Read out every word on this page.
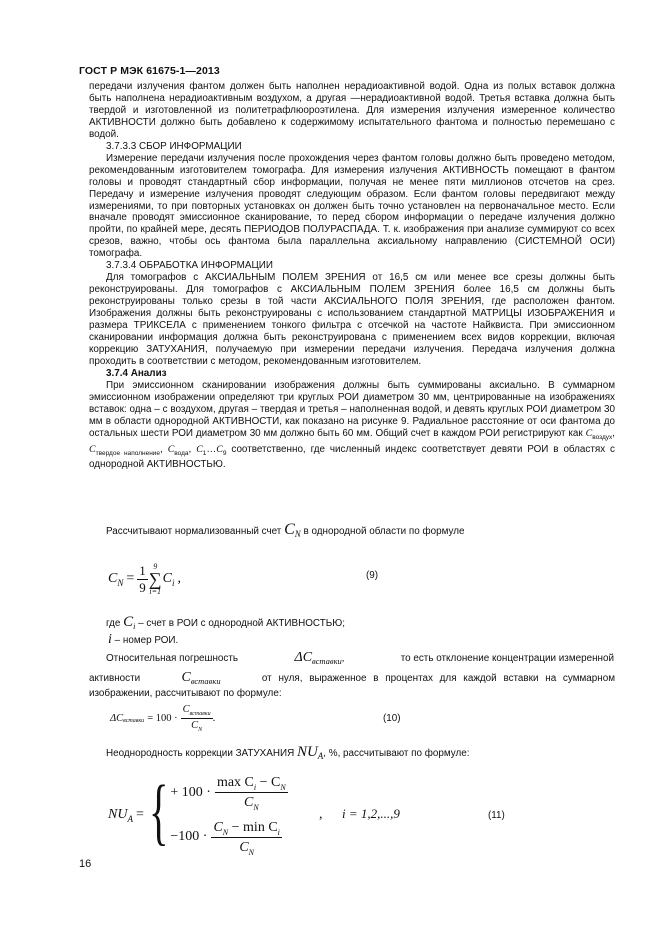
ГОСТ Р МЭК 61675-1—2013

передачи излучения фантом должен быть наполнен нерадиоактивной водой. Одна из полых вставок должна быть наполнена нерадиоактивным воздухом, а другая —нерадиоактивной водой. Третья вставка должна быть твердой и изготовленной из политетрафлюороэтилена. Для измерения излучения измеренное количество АКТИВНОСТИ должно быть добавлено к содержимому испытательного фантома и полностью перемешано с водой.

3.7.3.3 СБОР ИНФОРМАЦИИ

Измерение передачи излучения после прохождения через фантом головы должно быть проведено методом, рекомендованным изготовителем томографа. Для измерения излучения АКТИВНОСТЬ помещают в фантом головы и проводят стандартный сбор информации, получая не менее пяти миллионов отсчетов на срез. Передачу и измерение излучения проводят следующим образом. Если фантом головы передвигают между измерениями, то при повторных установках он должен быть точно установлен на первоначальное место. Если вначале проводят эмиссионное сканирование, то перед сбором информации о передаче излучения должно пройти, по крайней мере, десять ПЕРИОДОВ ПОЛУРАСПАДА. Т. к. изображения при анализе суммируют со всех срезов, важно, чтобы ось фантома была параллельна аксиальному направлению (СИСТЕМНОЙ ОСИ) томографа.

3.7.3.4 ОБРАБОТКА ИНФОРМАЦИИ

Для томографов с АКСИАЛЬНЫМ ПОЛЕМ ЗРЕНИЯ от 16,5 см или менее все срезы должны быть реконструированы. Для томографов с АКСИАЛЬНЫМ ПОЛЕМ ЗРЕНИЯ более 16,5 см должны быть реконструированы только срезы в той части АКСИАЛЬНОГО ПОЛЯ ЗРЕНИЯ, где расположен фантом. Изображения должны быть реконструированы с использованием стандартной МАТРИЦЫ ИЗОБРАЖЕНИЯ и размера ТРИКСЕЛА с применением тонкого фильтра с отсечкой на частоте Найквиста. При эмиссионном сканировании информация должна быть реконструирована с применением всех видов коррекции, включая коррекцию ЗАТУХАНИЯ, получаемую при измерении передачи излучения. Передача излучения должна проходить в соответствии с методом, рекомендованным изготовителем.

3.7.4 Анализ

При эмиссионном сканировании изображения должны быть суммированы аксиально. В суммарном эмиссионном изображении определяют три круглых РОИ диаметром 30 мм, центрированные на изображениях вставок: одна – с воздухом, другая – твердая и третья – наполненная водой, и девять круглых РОИ диаметром 30 мм в области однородной АКТИВНОСТИ, как показано на рисунке 9. Радиальное расстояние от оси фантома до остальных шести РОИ диаметром 30 мм должно быть 60 мм. Общий счет в каждом РОИ регистрируют как $C_{воздух}$, $C_{твердое наполнение}$, $C_{вода}$, $C_1\dots C_9$ соответственно, где численный индекс соответствует девяти РОИ в областях с однородной АКТИВНОСТЬЮ.

Рассчитывают нормализованный счет $C_N$ в однородной области по формуле
$C_N = \frac{1}{9} 9$
∑
i=1
$C_i$ ,	(9)
где $C_i$ – счет в РОИ с однородной АКТИВНОСТЬЮ;
i – номер РОИ.
Относительная погрешность	$\Delta C_{вставки}$,	то есть отклонение концентрации измеренной
активности	$C_{вставки}$	от нуля, выраженное в процентах для каждой вставки на суммарном
изображении, рассчитывают по формуле:
$\Delta C_{вставки} = 100 \cdot \frac{C_{вставки}}{C_N}$ .	(10)
Неоднородность коррекции ЗАТУХАНИЯ $NU_A$, %, рассчитывают по формуле:
$NU_A$ = { + $100 \cdot \frac{\max C_i - C_N}{C_N}$
$-100 \cdot \frac{C_N - \min C_i}{C_N}$
, i = 1,2,...,9	(11)
16
